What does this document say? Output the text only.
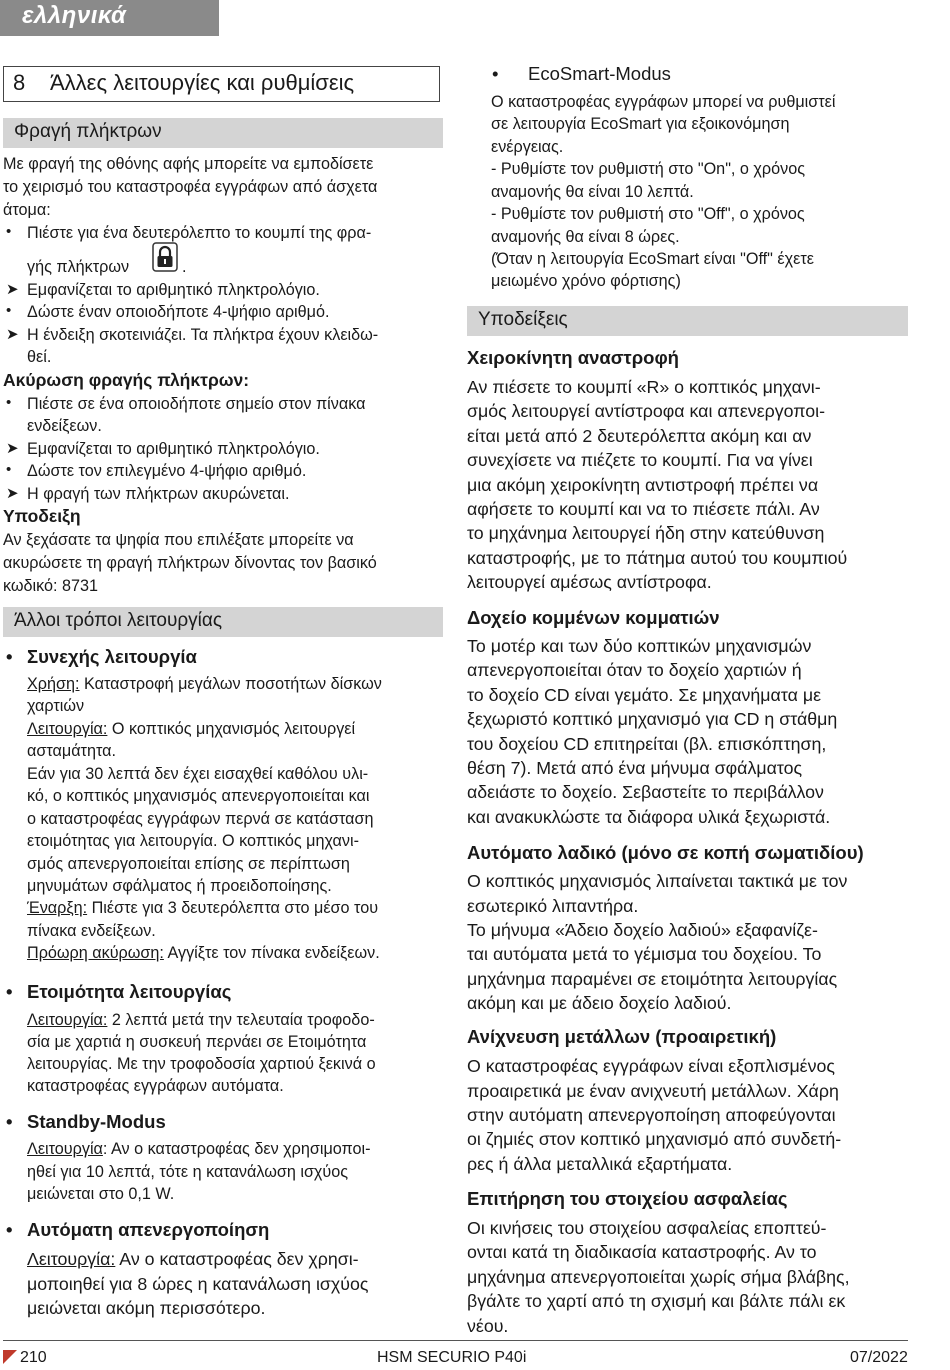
ελληνικά
8 Άλλες λειτουργίες και ρυθμίσεις
Φραγή πλήκτρων
Με φραγή της οθόνης αφής μπορείτε να εμποδίσετε
το χειρισμό του καταστροφέα εγγράφων από άσχετα
άτομα:
• Πιέστε για ένα δευτερόλεπτο το κουμπί της φρα-
γής πλήκτρων	.
➤ Εμφανίζεται το αριθμητικό πληκτρολόγιο.
• Δώστε έναν οποιοδήποτε 4-ψήφιο αριθμό.
➤ Η ένδειξη σκοτεινιάζει. Τα πλήκτρα έχουν κλειδω-
θεί.
Ακύρωση φραγής πλήκτρων:
• Πιέστε σε ένα οποιοδήποτε σημείο στον πίνακα
ενδείξεων.
➤ Εμφανίζεται το αριθμητικό πληκτρολόγιο.
• Δώστε τον επιλεγμένο 4-ψήφιο αριθμό.
➤ Η φραγή των πλήκτρων ακυρώνεται.
Υποδειξη
Αν ξεχάσατε τα ψηφία που επιλέξατε μπορείτε να
ακυρώσετε τη φραγή πλήκτρων δίνοντας τον βασικό
κωδικό: 8731
Άλλοι τρόποι λειτουργίας
• Συνεχής λειτουργία
Χρήση: Καταστροφή μεγάλων ποσοτήτων δίσκων
χαρτιών
Λειτουργία: Ο κοπτικός μηχανισμός λειτουργεί
ασταμάτητα.
Εάν για 30 λεπτά δεν έχει εισαχθεί καθόλου υλι-
κό, ο κοπτικός μηχανισμός απενεργοποιείται και
ο καταστροφέας εγγράφων περνά σε κατάσταση
ετοιμότητας για λειτουργία. Ο κοπτικός μηχανι-
σμός απενεργοποιείται επίσης σε περίπτωση
μηνυμάτων σφάλματος ή προειδοποίησης.
Έναρξη: Πιέστε για 3 δευτερόλεπτα στο μέσο του
πίνακα ενδείξεων.
Πρόωρη ακύρωση: Αγγίξτε τον πίνακα ενδείξεων.
• Ετοιμότητα λειτουργίας
Λειτουργία: 2 λεπτά μετά την τελευταία τροφοδο-
σία με χαρτιά η συσκευή περνάει σε Ετοιμότητα
λειτουργίας. Με την τροφοδοσία χαρτιού ξεκινά ο
καταστροφέας εγγράφων αυτόματα.
• Standby-Modus
Λειτουργία: Αν ο καταστροφέας δεν χρησιμοποι-
ηθεί για 10 λεπτά, τότε η κατανάλωση ισχύος
μειώνεται στο 0,1 W.
• Αυτόματη απενεργοποίηση
Λειτουργία: Αν ο καταστροφέας δεν χρησι-
μοποιηθεί για 8 ώρες η κατανάλωση ισχύος
μειώνεται ακόμη περισσότερο.
• EcoSmart-Modus
Ο καταστροφέας εγγράφων μπορεί να ρυθμιστεί
σε λειτουργία EcoSmart για εξοικονόμηση
ενέργειας.
- Ρυθμίστε τον ρυθμιστή στο "On", ο χρόνος
αναμονής θα είναι 10 λεπτά.
- Ρυθμίστε τον ρυθμιστή στο "Off", ο χρόνος
αναμονής θα είναι 8 ώρες.
(Όταν η λειτουργία EcoSmart είναι "Off" έχετε
μειωμένο χρόνο φόρτισης)
Υποδείξεις
Χειροκίνητη αναστροφή
Αν πιέσετε το κουμπί «R» ο κοπτικός μηχανι-
σμός λειτουργεί αντίστροφα και απενεργοποι-
είται μετά από 2 δευτερόλεπτα ακόμη και αν
συνεχίσετε να πιέζετε το κουμπί. Για να γίνει
μια ακόμη χειροκίνητη αντιστροφή πρέπει να
αφήσετε το κουμπί και να το πιέσετε πάλι. Αν
το μηχάνημα λειτουργεί ήδη στην κατεύθυνση
καταστροφής, με το πάτημα αυτού του κουμπιού
λειτουργεί αμέσως αντίστροφα.
Δοχείο κομμένων κομματιών
Το μοτέρ και των δύο κοπτικών μηχανισμών
απενεργοποιείται όταν το δοχείο χαρτιών ή
το δοχείο CD είναι γεμάτο. Σε μηχανήματα με
ξεχωριστό κοπτικό μηχανισμό για CD η στάθμη
του δοχείου CD επιτηρείται (βλ. επισκόπτηση,
θέση 7). Μετά από ένα μήνυμα σφάλματος
αδειάστε το δοχείο. Σεβαστείτε το περιβάλλον
και ανακυκλώστε τα διάφορα υλικά ξεχωριστά.
Αυτόματο λαδικό (μόνο σε κοπή σωματιδίου)
Ο κοπτικός μηχανισμός λιπαίνεται τακτικά με τον
εσωτερικό λιπαντήρα.
Το μήνυμα «Άδειο δοχείο λαδιού» εξαφανίζε-
ται αυτόματα μετά το γέμισμα του δοχείου. Το
μηχάνημα παραμένει σε ετοιμότητα λειτουργίας
ακόμη και με άδειο δοχείο λαδιού.
Ανίχνευση μετάλλων (προαιρετική)
Ο καταστροφέας εγγράφων είναι εξοπλισμένος
προαιρετικά με έναν ανιχνευτή μετάλλων. Χάρη
στην αυτόματη απενεργοποίηση αποφεύγονται
οι ζημιές στον κοπτικό μηχανισμό από συνδετή-
ρες ή άλλα μεταλλικά εξαρτήματα.
Επιτήρηση του στοιχείου ασφαλείας
Οι κινήσεις του στοιχείου ασφαλείας εποπτεύ-
ονται κατά τη διαδικασία καταστροφής. Αν το
μηχάνημα απενεργοποιείται χωρίς σήμα βλάβης,
βγάλτε το χαρτί από τη σχισμή και βάλτε πάλι εκ
νέου.
210	HSM SECURIO P40i	07/2022
